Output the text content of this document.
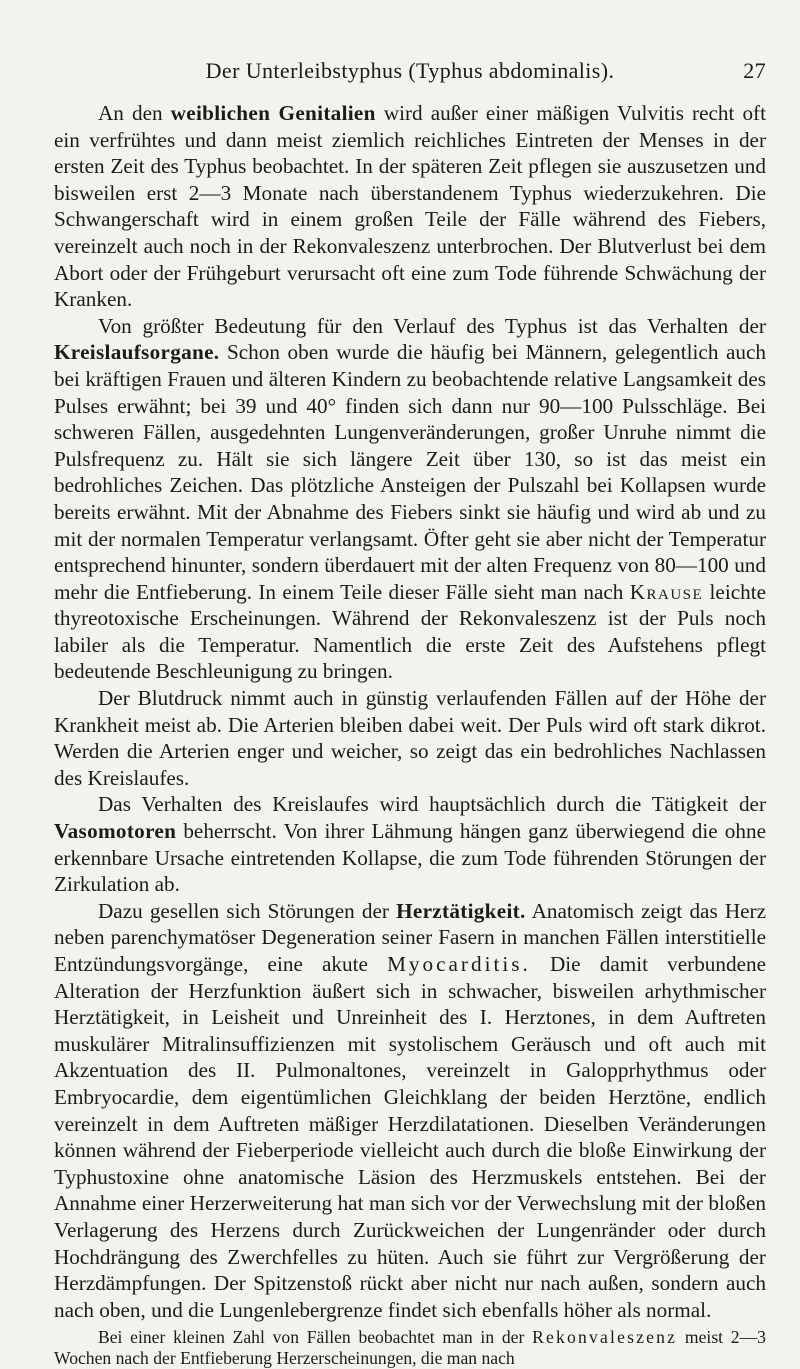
Der Unterleibstyphus (Typhus abdominalis).	27

An den weiblichen Genitalien wird außer einer mäßigen Vulvitis recht oft ein verfrühtes und dann meist ziemlich reichliches Eintreten der Menses in der ersten Zeit des Typhus beobachtet. In der späteren Zeit pflegen sie auszusetzen und bisweilen erst 2—3 Monate nach überstandenem Typhus wiederzukehren. Die Schwangerschaft wird in einem großen Teile der Fälle während des Fiebers, vereinzelt auch noch in der Rekonvaleszenz unterbrochen. Der Blutverlust bei dem Abort oder der Frühgeburt verursacht oft eine zum Tode führende Schwächung der Kranken.

Von größter Bedeutung für den Verlauf des Typhus ist das Verhalten der Kreislaufsorgane. Schon oben wurde die häufig bei Männern, gelegentlich auch bei kräftigen Frauen und älteren Kindern zu beobachtende relative Langsamkeit des Pulses erwähnt; bei 39 und 40° finden sich dann nur 90—100 Pulsschläge. Bei schweren Fällen, ausgedehnten Lungenveränderungen, großer Unruhe nimmt die Pulsfrequenz zu. Hält sie sich längere Zeit über 130, so ist das meist ein bedrohliches Zeichen. Das plötzliche Ansteigen der Pulszahl bei Kollapsen wurde bereits erwähnt. Mit der Abnahme des Fiebers sinkt sie häufig und wird ab und zu mit der normalen Temperatur verlangsamt. Öfter geht sie aber nicht der Temperatur entsprechend hinunter, sondern überdauert mit der alten Frequenz von 80—100 und mehr die Entfieberung. In einem Teile dieser Fälle sieht man nach Krause leichte thyreotoxische Erscheinungen. Während der Rekonvaleszenz ist der Puls noch labiler als die Temperatur. Namentlich die erste Zeit des Aufstehens pflegt bedeutende Beschleunigung zu bringen.

Der Blutdruck nimmt auch in günstig verlaufenden Fällen auf der Höhe der Krankheit meist ab. Die Arterien bleiben dabei weit. Der Puls wird oft stark dikrot. Werden die Arterien enger und weicher, so zeigt das ein bedrohliches Nachlassen des Kreislaufes.

Das Verhalten des Kreislaufes wird hauptsächlich durch die Tätigkeit der Vasomotoren beherrscht. Von ihrer Lähmung hängen ganz überwiegend die ohne erkennbare Ursache eintretenden Kollapse, die zum Tode führenden Störungen der Zirkulation ab.

Dazu gesellen sich Störungen der Herztätigkeit. Anatomisch zeigt das Herz neben parenchymatöser Degeneration seiner Fasern in manchen Fällen interstitielle Entzündungsvorgänge, eine akute Myocarditis. Die damit verbundene Alteration der Herzfunktion äußert sich in schwacher, bisweilen arhythmischer Herztätigkeit, in Leisheit und Unreinheit des I. Herztones, in dem Auftreten muskulärer Mitralinsuffizienzen mit systolischem Geräusch und oft auch mit Akzentuation des II. Pulmonaltones, vereinzelt in Galopprhythmus oder Embryocardie, dem eigentümlichen Gleichklang der beiden Herztöne, endlich vereinzelt in dem Auftreten mäßiger Herzdilatationen. Dieselben Veränderungen können während der Fieberperiode vielleicht auch durch die bloße Einwirkung der Typhustoxine ohne anatomische Läsion des Herzmuskels entstehen. Bei der Annahme einer Herzerweiterung hat man sich vor der Verwechslung mit der bloßen Verlagerung des Herzens durch Zurückweichen der Lungenränder oder durch Hochdrängung des Zwerchfelles zu hüten. Auch sie führt zur Vergrößerung der Herzdämpfungen. Der Spitzenstoß rückt aber nicht nur nach außen, sondern auch nach oben, und die Lungenlebergrenze findet sich ebenfalls höher als normal.

Bei einer kleinen Zahl von Fällen beobachtet man in der Rekonvaleszenz meist 2—3 Wochen nach der Entfieberung Herzerscheinungen, die man nach
